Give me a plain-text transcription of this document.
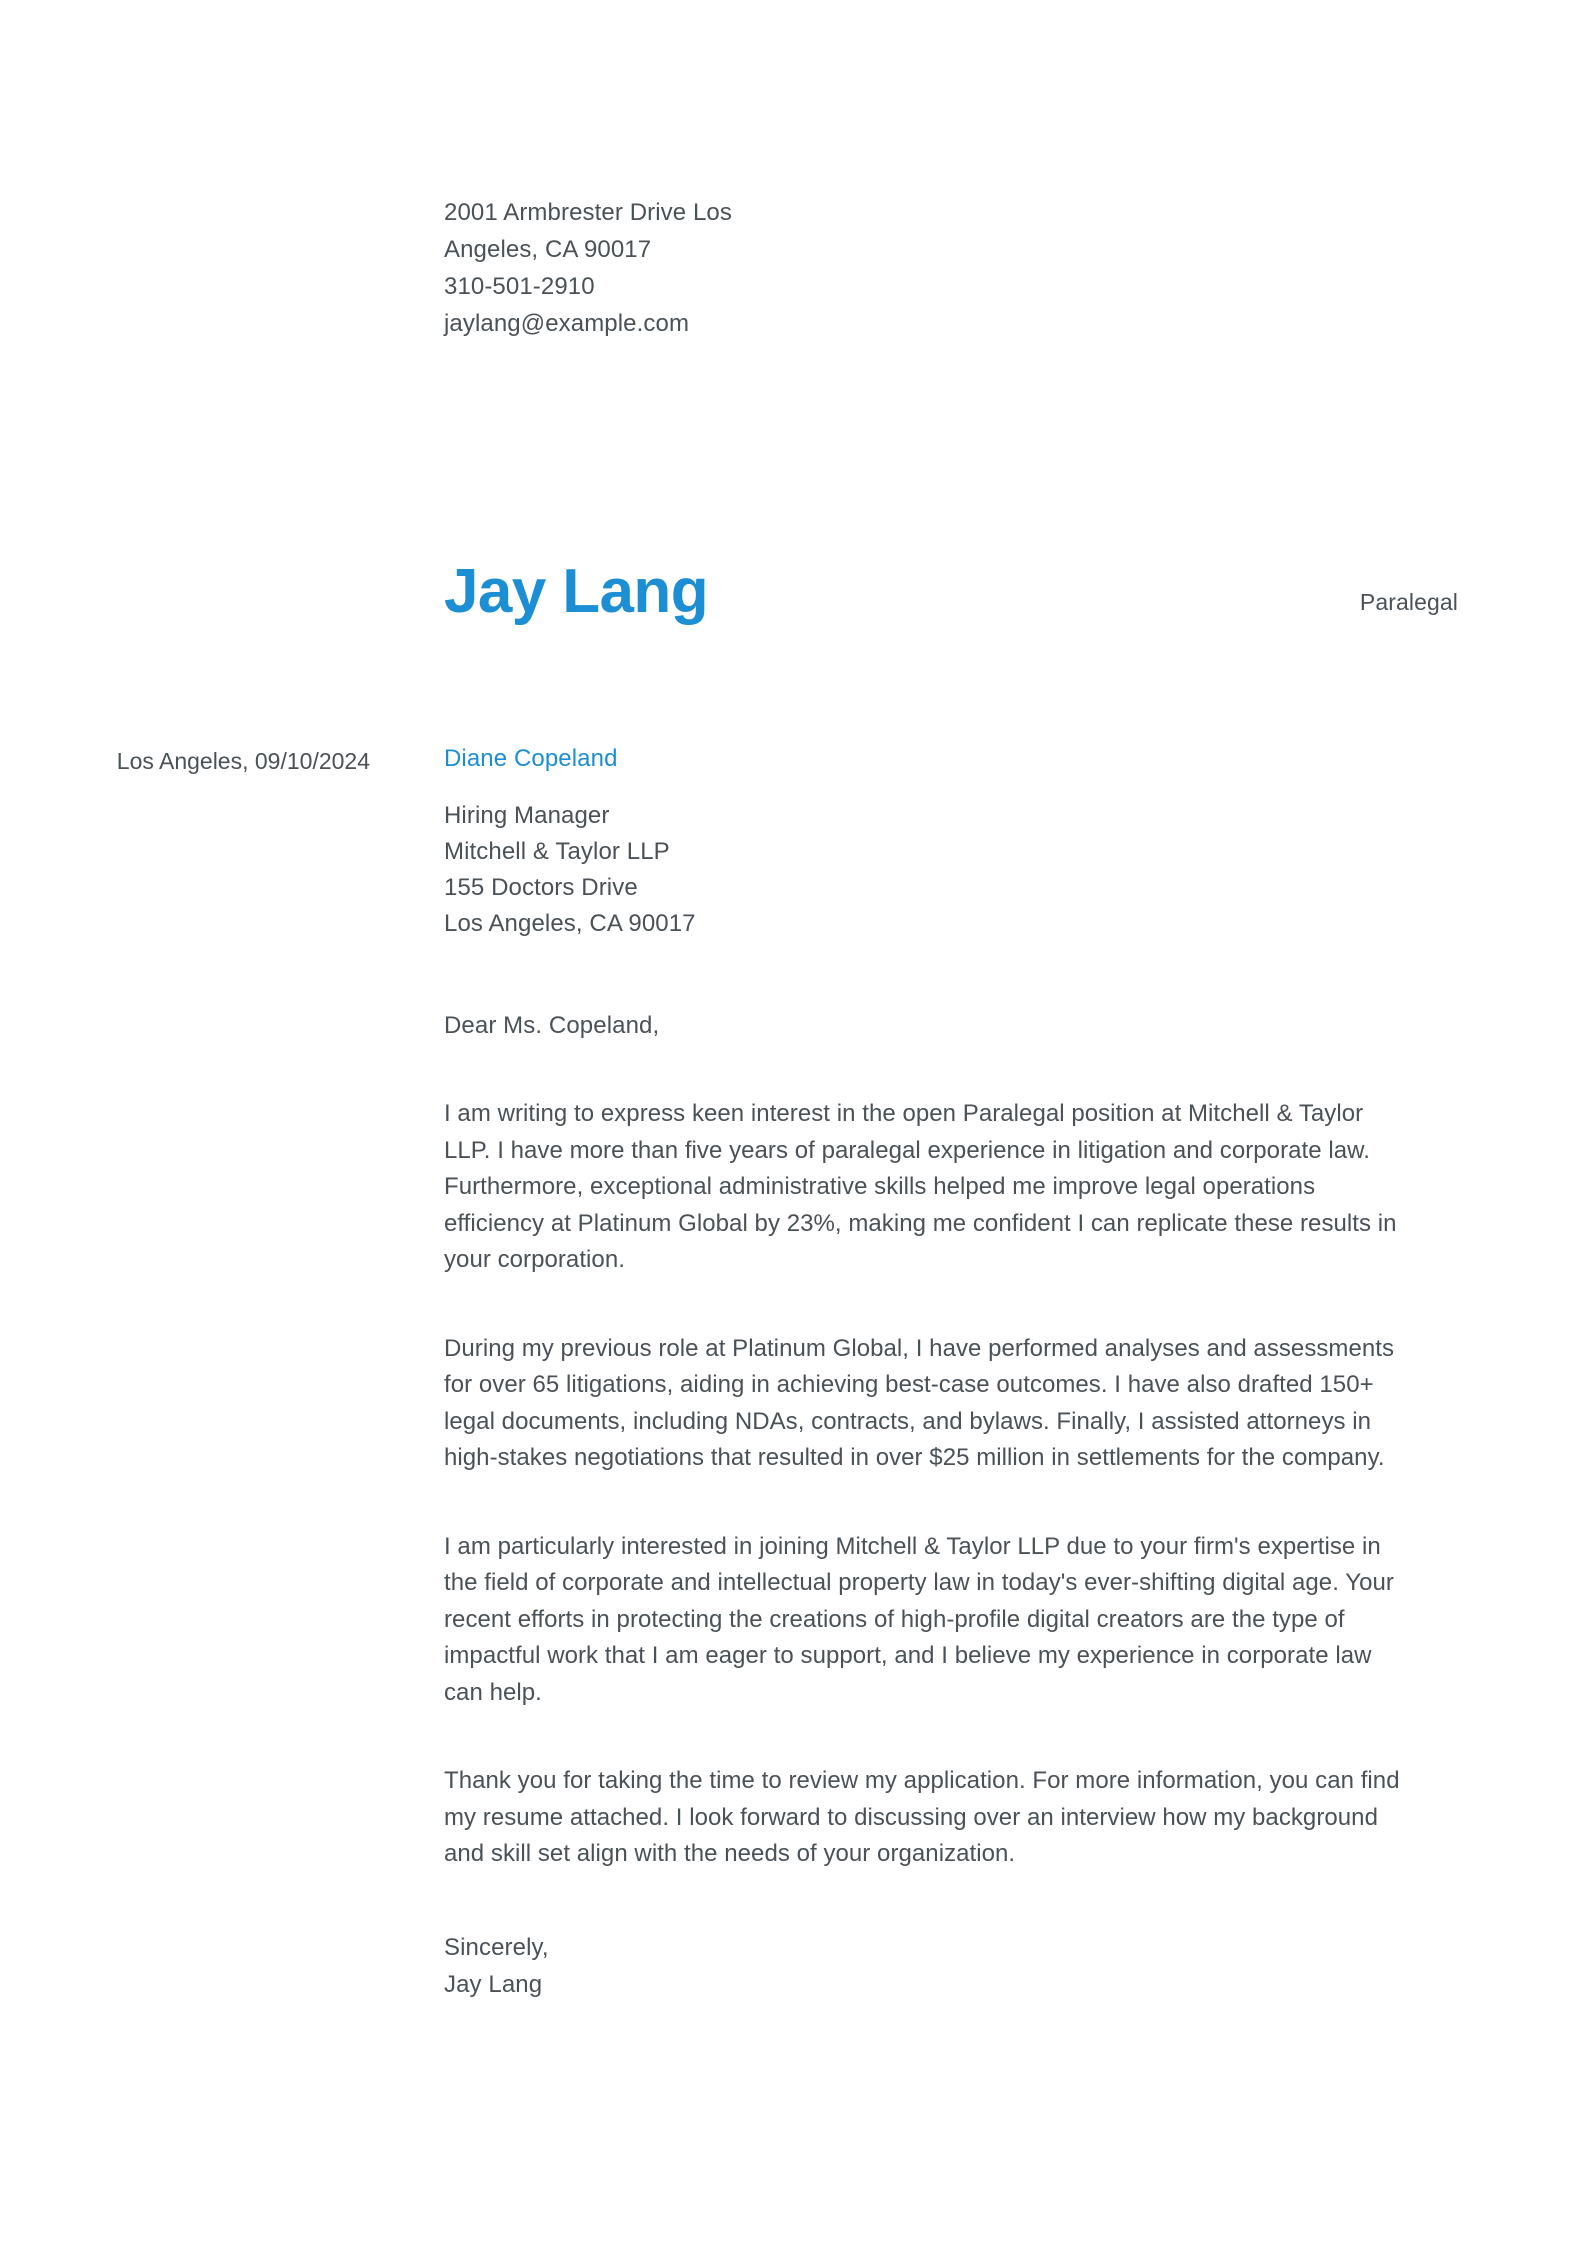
2001 Armbrester Drive Los
Angeles, CA 90017
310-501-2910
jaylang@example.com
Jay Lang	Paralegal
Los Angeles, 09/10/2024	Diane Copeland
Hiring Manager
Mitchell & Taylor LLP
155 Doctors Drive
Los Angeles, CA 90017
Dear Ms. Copeland,
I am writing to express keen interest in the open Paralegal position at Mitchell & Taylor LLP. I have more than five years of paralegal experience in litigation and corporate law. Furthermore, exceptional administrative skills helped me improve legal operations efficiency at Platinum Global by 23%, making me confident I can replicate these results in your corporation.
During my previous role at Platinum Global, I have performed analyses and assessments for over 65 litigations, aiding in achieving best-case outcomes. I have also drafted 150+ legal documents, including NDAs, contracts, and bylaws. Finally, I assisted attorneys in high-stakes negotiations that resulted in over $25 million in settlements for the company.
I am particularly interested in joining Mitchell & Taylor LLP due to your firm's expertise in the field of corporate and intellectual property law in today's ever-shifting digital age. Your recent efforts in protecting the creations of high-profile digital creators are the type of impactful work that I am eager to support, and I believe my experience in corporate law can help.
Thank you for taking the time to review my application. For more information, you can find my resume attached. I look forward to discussing over an interview how my background and skill set align with the needs of your organization.
Sincerely,
Jay Lang
